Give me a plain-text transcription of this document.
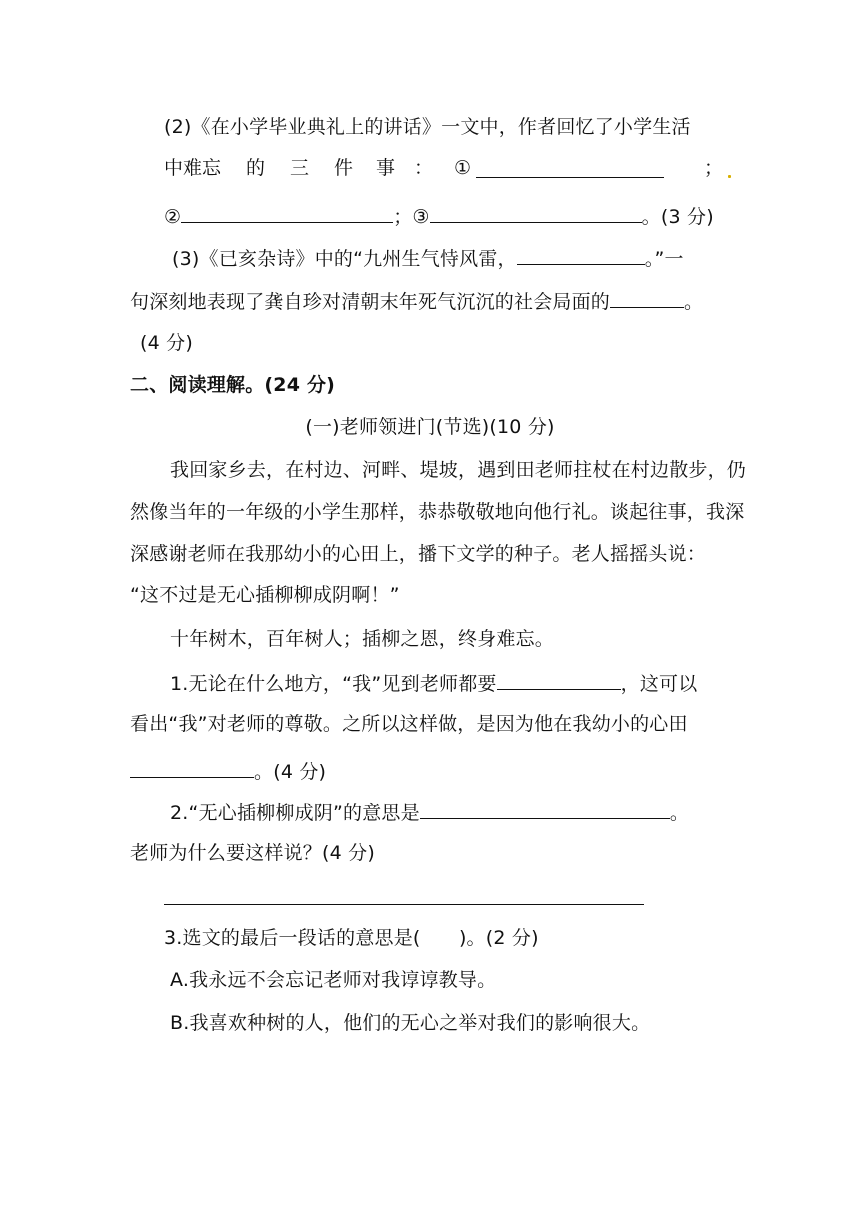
(2)《在小学毕业典礼上的讲话》一文中，作者回忆了小学生活
中 难 忘 的 三 件 事 ： ①	；
②	；③	。(3 分)
(3)《已亥杂诗》中的“九州生气恃风雷，	。”一
句深刻地表现了龚自珍对清朝末年死气沉沉的社会局面的	。
(4 分)
二、阅读理解。(24 分)
(一)老师领进门(节选)(10 分)
我回家乡去，在村边、河畔、堤坡，遇到田老师拄杖在村边散步，仍
然像当年的一年级的小学生那样，恭恭敬敬地向他行礼。谈起往事，我深
深感谢老师在我那幼小的心田上，播下文学的种子。老人摇摇头说：
“这不过是无心插柳柳成阴啊！”
十年树木，百年树人；插柳之恩，终身难忘。
1.无论在什么地方，“我”见到老师都要	，这可以
看出“我”对老师的尊敬。之所以这样做，是因为他在我幼小的心田
。(4 分)
2.“无心插柳柳成阴”的意思是	。
老师为什么要这样说？(4 分)
3.选文的最后一段话的意思是(　　)。(2 分)
A.我永远不会忘记老师对我谆谆教导。
B.我喜欢种树的人，他们的无心之举对我们的影响很大。
